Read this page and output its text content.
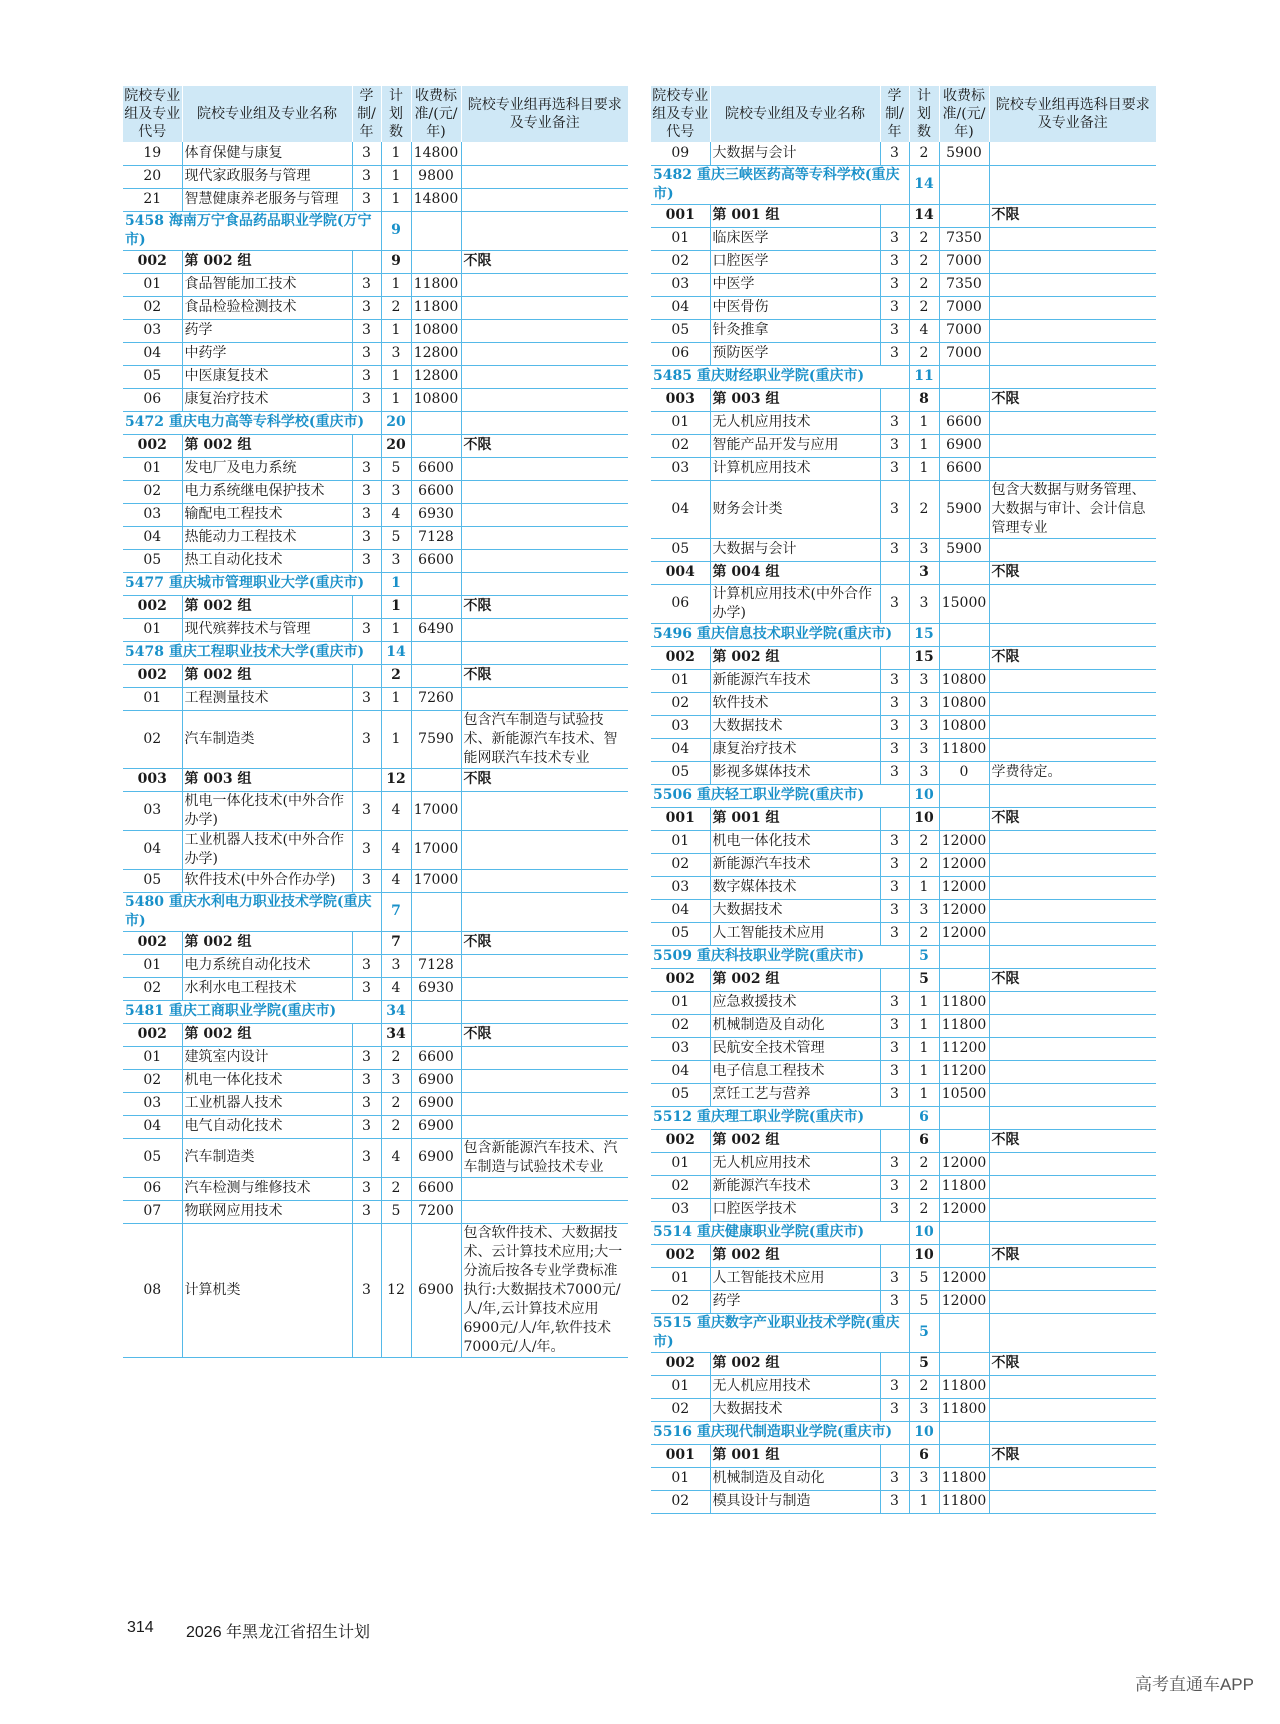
院校专业组及专业代号	院校专业组及专业名称	学制/年	计划数	收费标准/(元/年)	院校专业组再选科目要求及专业备注
19	体育保健与康复	3	1	14800	
20	现代家政服务与管理	3	1	9800	
21	智慧健康养老服务与管理	3	1	14800	
5458 海南万宁食品药品职业学院(万宁市)			9		
002	第 002 组		9		不限
01	食品智能加工技术	3	1	11800	
02	食品检验检测技术	3	2	11800	
03	药学	3	1	10800	
04	中药学	3	3	12800	
05	中医康复技术	3	1	12800	
06	康复治疗技术	3	1	10800	
5472 重庆电力高等专科学校(重庆市)			20		
002	第 002 组		20		不限
01	发电厂及电力系统	3	5	6600	
02	电力系统继电保护技术	3	3	6600	
03	输配电工程技术	3	4	6930	
04	热能动力工程技术	3	5	7128	
05	热工自动化技术	3	3	6600	
5477 重庆城市管理职业大学(重庆市)			1		
002	第 002 组		1		不限
01	现代殡葬技术与管理	3	1	6490	
5478 重庆工程职业技术大学(重庆市)			14		
002	第 002 组		2		不限
01	工程测量技术	3	1	7260	
02	汽车制造类	3	1	7590	包含汽车制造与试验技术、新能源汽车技术、智能网联汽车技术专业
003	第 003 组		12		不限
03	机电一体化技术(中外合作办学)	3	4	17000	
04	工业机器人技术(中外合作办学)	3	4	17000	
05	软件技术(中外合作办学)	3	4	17000	
5480 重庆水利电力职业技术学院(重庆市)			7		
002	第 002 组		7		不限
01	电力系统自动化技术	3	3	7128	
02	水利水电工程技术	3	4	6930	
5481 重庆工商职业学院(重庆市)			34		
002	第 002 组		34		不限
01	建筑室内设计	3	2	6600	
02	机电一体化技术	3	3	6900	
03	工业机器人技术	3	2	6900	
04	电气自动化技术	3	2	6900	
05	汽车制造类	3	4	6900	包含新能源汽车技术、汽车制造与试验技术专业
06	汽车检测与维修技术	3	2	6600	
07	物联网应用技术	3	5	7200	
08	计算机类	3	12	6900	包含软件技术、大数据技术、云计算技术应用;大一分流后按各专业学费标准执行:大数据技术7000元/人/年,云计算技术应用6900元/人/年,软件技术7000元/人/年。
院校专业组及专业代号	院校专业组及专业名称	学制/年	计划数	收费标准/(元/年)	院校专业组再选科目要求及专业备注
09	大数据与会计	3	2	5900	
5482 重庆三峡医药高等专科学校(重庆市)			14		
001	第 001 组		14		不限
01	临床医学	3	2	7350	
02	口腔医学	3	2	7000	
03	中医学	3	2	7350	
04	中医骨伤	3	2	7000	
05	针灸推拿	3	4	7000	
06	预防医学	3	2	7000	
5485 重庆财经职业学院(重庆市)			11		
003	第 003 组		8		不限
01	无人机应用技术	3	1	6600	
02	智能产品开发与应用	3	1	6900	
03	计算机应用技术	3	1	6600	
04	财务会计类	3	2	5900	包含大数据与财务管理、大数据与审计、会计信息管理专业
05	大数据与会计	3	3	5900	
004	第 004 组		3		不限
06	计算机应用技术(中外合作办学)	3	3	15000	
5496 重庆信息技术职业学院(重庆市)			15		
002	第 002 组		15		不限
01	新能源汽车技术	3	3	10800	
02	软件技术	3	3	10800	
03	大数据技术	3	3	10800	
04	康复治疗技术	3	3	11800	
05	影视多媒体技术	3	3	0	学费待定。
5506 重庆轻工职业学院(重庆市)			10		
001	第 001 组		10		不限
01	机电一体化技术	3	2	12000	
02	新能源汽车技术	3	2	12000	
03	数字媒体技术	3	1	12000	
04	大数据技术	3	3	12000	
05	人工智能技术应用	3	2	12000	
5509 重庆科技职业学院(重庆市)			5		
002	第 002 组		5		不限
01	应急救援技术	3	1	11800	
02	机械制造及自动化	3	1	11800	
03	民航安全技术管理	3	1	11200	
04	电子信息工程技术	3	1	11200	
05	烹饪工艺与营养	3	1	10500	
5512 重庆理工职业学院(重庆市)			6		
002	第 002 组		6		不限
01	无人机应用技术	3	2	12000	
02	新能源汽车技术	3	2	11800	
03	口腔医学技术	3	2	12000	
5514 重庆健康职业学院(重庆市)			10		
002	第 002 组		10		不限
01	人工智能技术应用	3	5	12000	
02	药学	3	5	12000	
5515 重庆数字产业职业技术学院(重庆市)			5		
002	第 002 组		5		不限
01	无人机应用技术	3	2	11800	
02	大数据技术	3	3	11800	
5516 重庆现代制造职业学院(重庆市)			10		
001	第 001 组		6		不限
01	机械制造及自动化	3	3	11800	
02	模具设计与制造	3	1	11800	
314 2026 年黑龙江省招生计划
高考直通车APP
